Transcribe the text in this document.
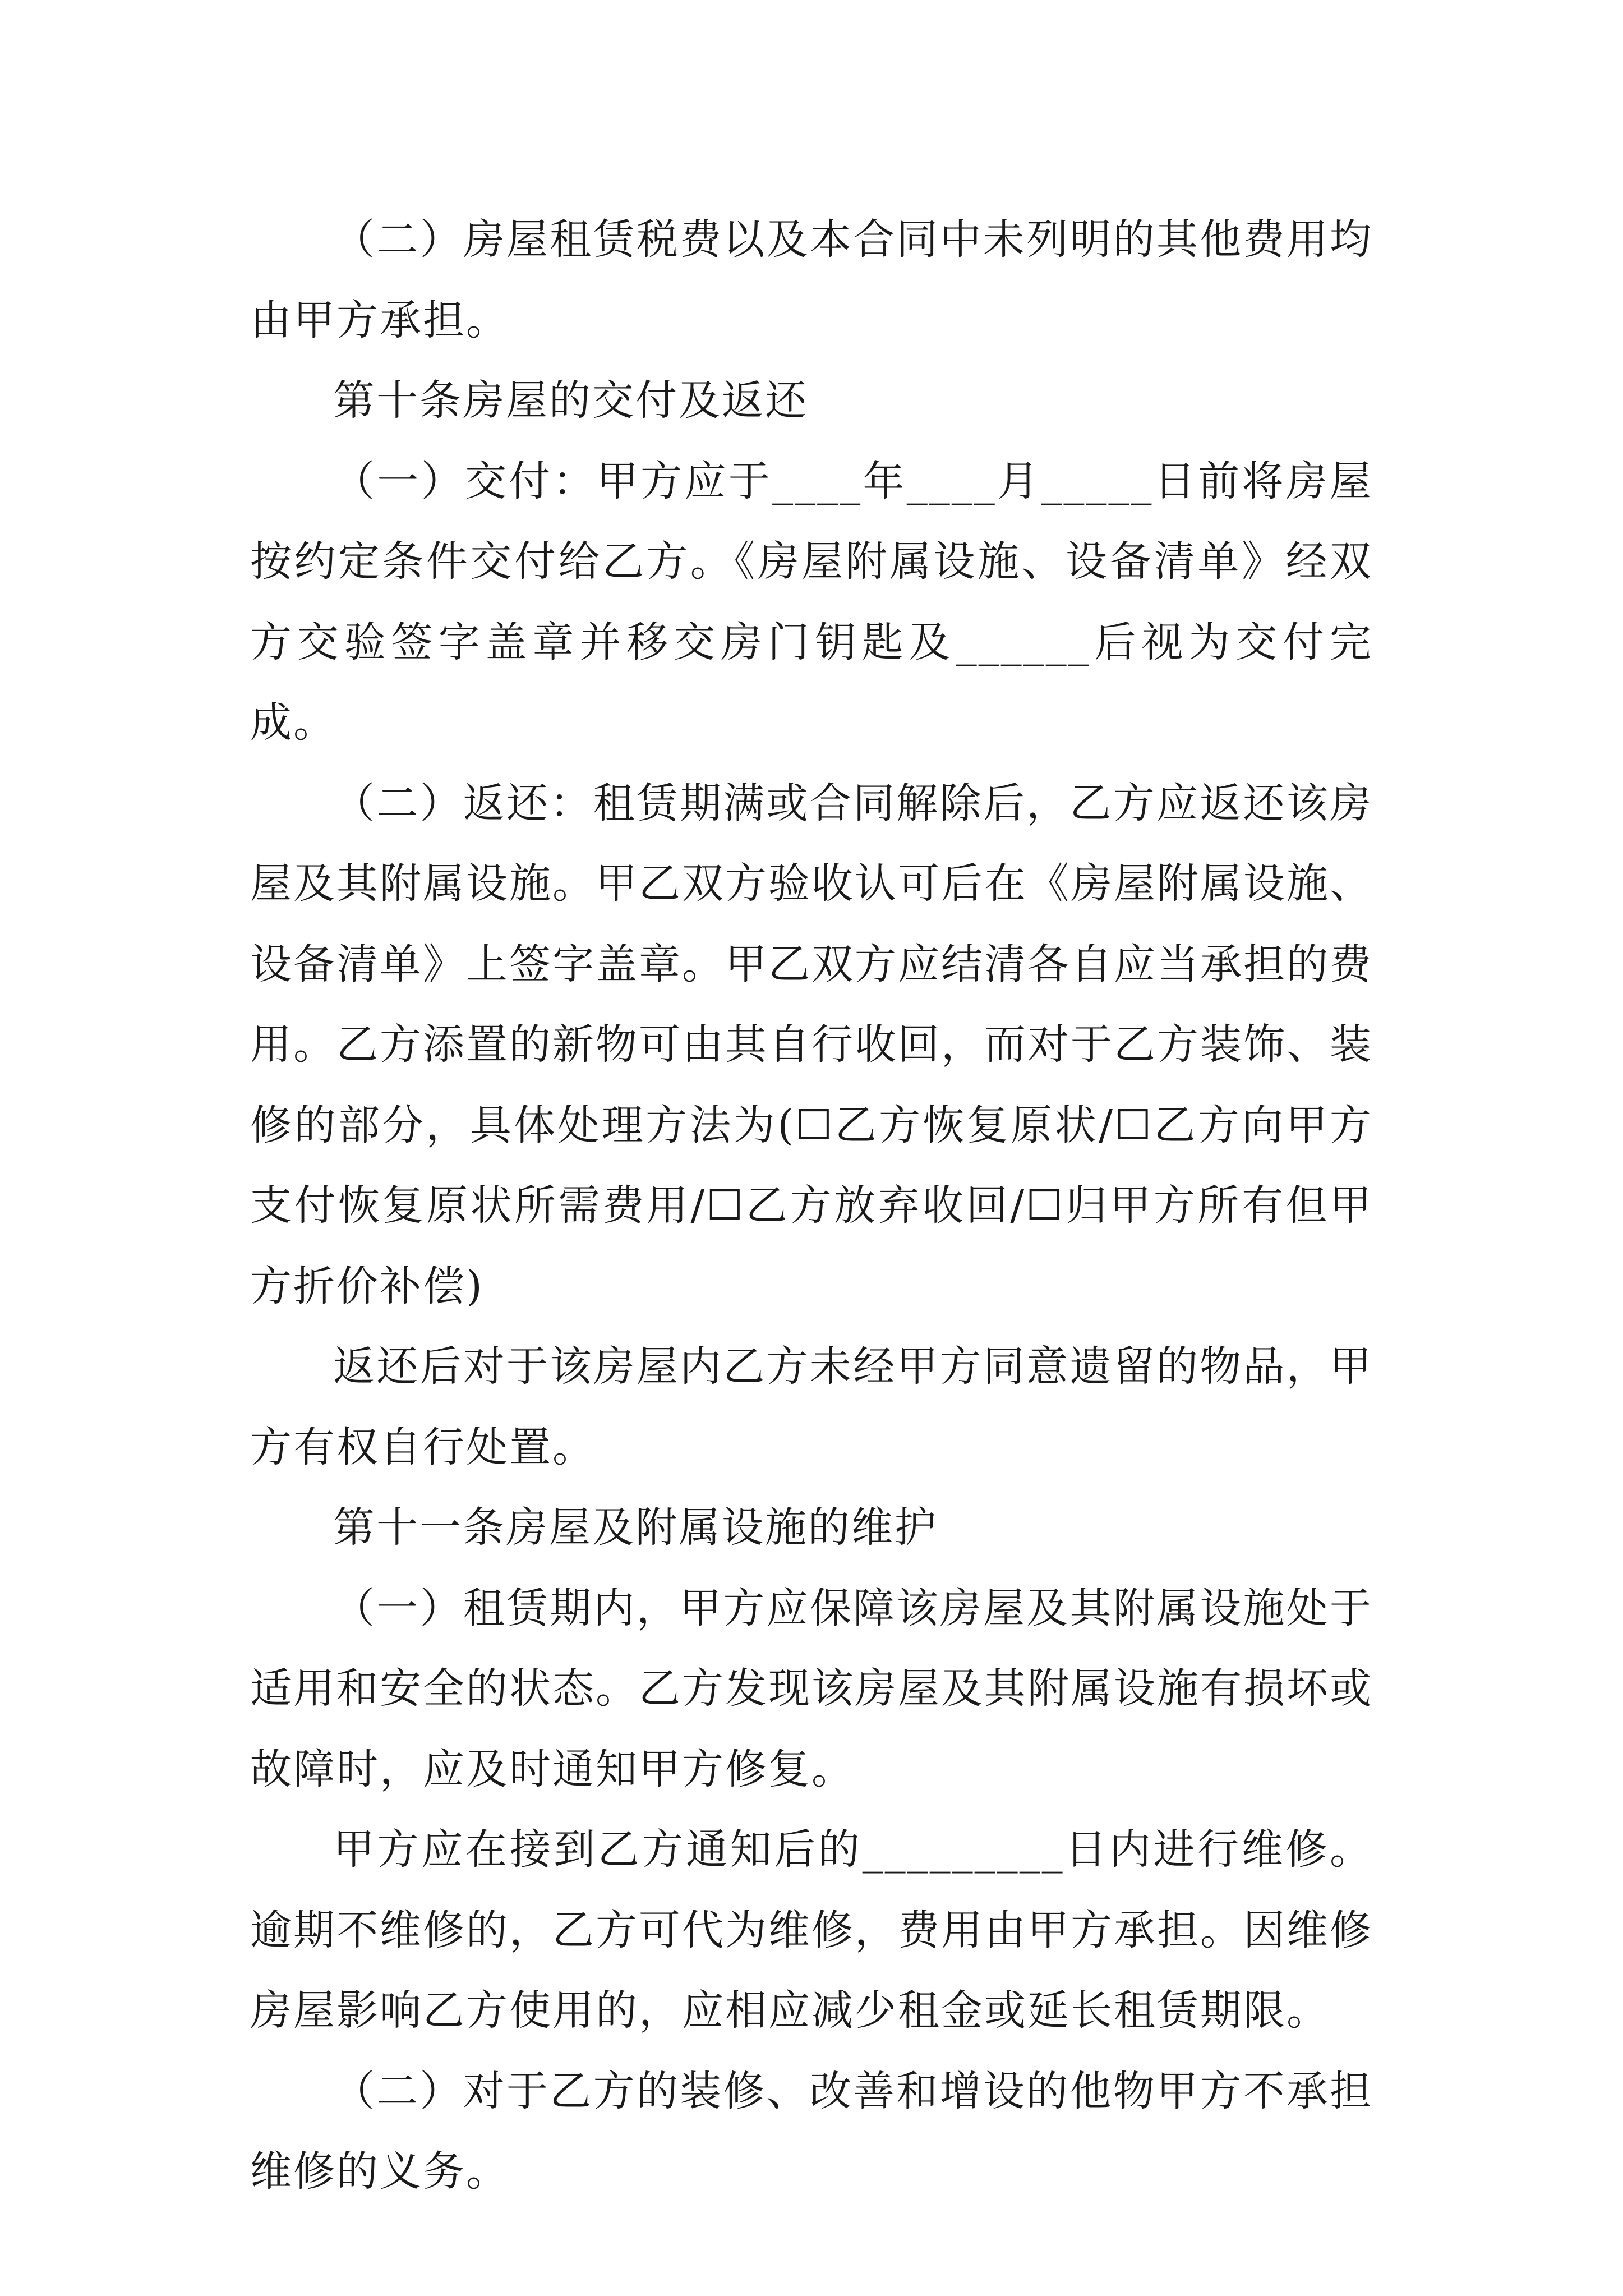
（二）房屋租赁税费以及本合同中未列明的其他费用均由甲方承担。

第十条房屋的交付及返还

（一）交付：甲方应于____年____月_____日前将房屋按约定条件交付给乙方。《房屋附属设施、设备清单》经双方交验签字盖章并移交房门钥匙及______后视为交付完成。

（二）返还：租赁期满或合同解除后，乙方应返还该房屋及其附属设施。甲乙双方验收认可后在《房屋附属设施、设备清单》上签字盖章。甲乙双方应结清各自应当承担的费用。乙方添置的新物可由其自行收回，而对于乙方装饰、装修的部分，具体处理方法为(☐乙方恢复原状/☐乙方向甲方支付恢复原状所需费用/☐乙方放弃收回/☐归甲方所有但甲方折价补偿)

返还后对于该房屋内乙方未经甲方同意遗留的物品，甲方有权自行处置。

第十一条房屋及附属设施的维护

（一）租赁期内，甲方应保障该房屋及其附属设施处于适用和安全的状态。乙方发现该房屋及其附属设施有损坏或故障时，应及时通知甲方修复。

甲方应在接到乙方通知后的_________日内进行维修。逾期不维修的，乙方可代为维修，费用由甲方承担。因维修房屋影响乙方使用的，应相应减少租金或延长租赁期限。

（二）对于乙方的装修、改善和增设的他物甲方不承担维修的义务。
